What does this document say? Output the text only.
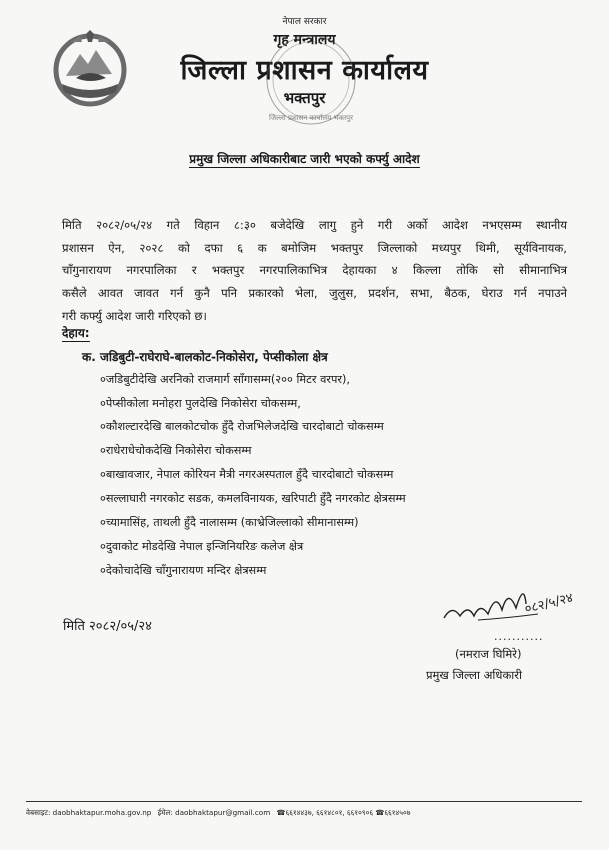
नेपाल सरकार
गृह मन्त्रालय
जिल्ला प्रशासन कार्यालय
भक्तपुर
जिल्ला प्रशासन कार्यालय भक्तपुर
प्रमुख जिल्ला अधिकारीबाट जारी भएको कर्फ्यु आदेश
मिति २०८२/०५/२४ गते विहान ८:३० बजेदेखि लागु हुने गरी अर्को आदेश नभएसम्म स्थानीय
प्रशासन ऐन, २०२८ को दफा ६ क बमोजिम भक्तपुर जिल्लाको मध्यपुर थिमी, सूर्यविनायक,
चाँगुनारायण नगरपालिका र भक्तपुर नगरपालिकाभित्र देहायका ४ किल्ला तोकि सो सीमानाभित्र
कसैले आवत जावत गर्न कुनै पनि प्रकारको भेला, जुलुस, प्रदर्शन, सभा, बैठक, घेराउ गर्न नपाउने
गरी कर्फ्यु आदेश जारी गरिएको छ।
देहाय:
क. जडिबुटी-राघेराघे-बालकोट-निकोसेरा, पेप्सीकोला क्षेत्र
०जडिबुटीदेखि अरनिको राजमार्ग साँगासम्म(२०० मिटर वरपर),
०पेप्सीकोला मनोहरा पुलदेखि निकोसेरा चोकसम्म,
०कौशल्टारदेखि बालकोटचोक हुँदै रोजभिलेजदेखि चारदोबाटो चोकसम्म
०राधेराधेचोकदेखि निकोसेरा चोकसम्म
०बाखावजार, नेपाल कोरियन मैत्री नगरअस्पताल हुँदै चारदोबाटो चोकसम्म
०सल्लाघारी नगरकोट सडक, कमलविनायक, खरिपाटी हुँदै नगरकोट क्षेत्रसम्म
०च्यामासिंह, ताथली हुँदै नालासम्म (काभ्रेजिल्लाको सीमानासम्म)
०दुवाकोट मोडदेखि नेपाल इन्जिनियरिङ कलेज क्षेत्र
०देकोचादेखि चाँगुनारायण मन्दिर क्षेत्रसम्म
मिति २०८२/०५/२४
०८२/५/२४
...........
(नमराज घिमिरे)
प्रमुख जिल्ला अधिकारी
वेबसाइट: daobhaktapur.moha.gov.np ईमेल: daobhaktapur@gmail.com ☎६६१४४३७, ६६१४८०१, ६६१०९०६ ☎६६१४५०७
